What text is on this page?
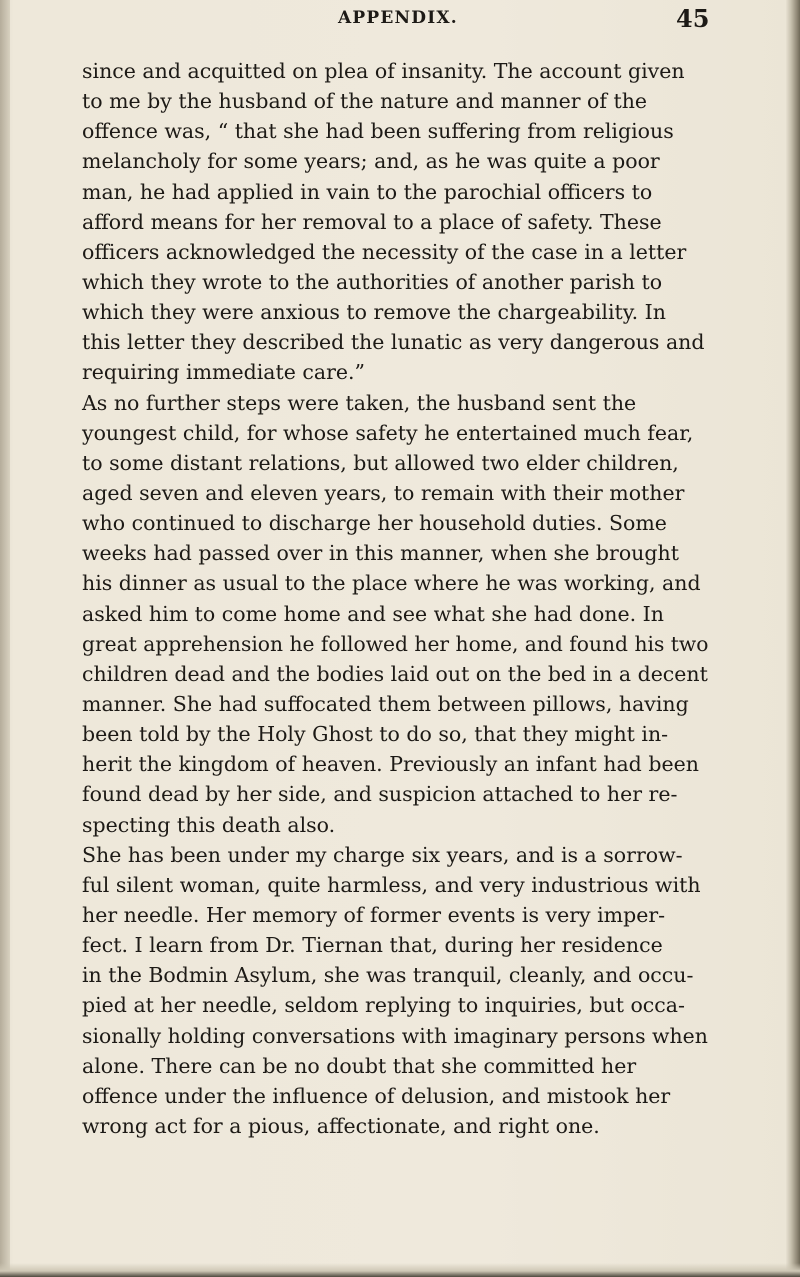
APPENDIX.	45
since and acquitted on plea of insanity. The account given
to me by the husband of the nature and manner of the
offence was, “ that she had been suffering from religious
melancholy for some years; and, as he was quite a poor
man, he had applied in vain to the parochial officers to
afford means for her removal to a place of safety. These
officers acknowledged the necessity of the case in a letter
which they wrote to the authorities of another parish to
which they were anxious to remove the chargeability. In
this letter they described the lunatic as very dangerous and
requiring immediate care.”
As no further steps were taken, the husband sent the
youngest child, for whose safety he entertained much fear,
to some distant relations, but allowed two elder children,
aged seven and eleven years, to remain with their mother
who continued to discharge her household duties. Some
weeks had passed over in this manner, when she brought
his dinner as usual to the place where he was working, and
asked him to come home and see what she had done. In
great apprehension he followed her home, and found his two
children dead and the bodies laid out on the bed in a decent
manner. She had suffocated them between pillows, having
been told by the Holy Ghost to do so, that they might in-
herit the kingdom of heaven. Previously an infant had been
found dead by her side, and suspicion attached to her re-
specting this death also.
She has been under my charge six years, and is a sorrow-
ful silent woman, quite harmless, and very industrious with
her needle. Her memory of former events is very imper-
fect. I learn from Dr. Tiernan that, during her residence
in the Bodmin Asylum, she was tranquil, cleanly, and occu-
pied at her needle, seldom replying to inquiries, but occa-
sionally holding conversations with imaginary persons when
alone. There can be no doubt that she committed her
offence under the influence of delusion, and mistook her
wrong act for a pious, affectionate, and right one.
